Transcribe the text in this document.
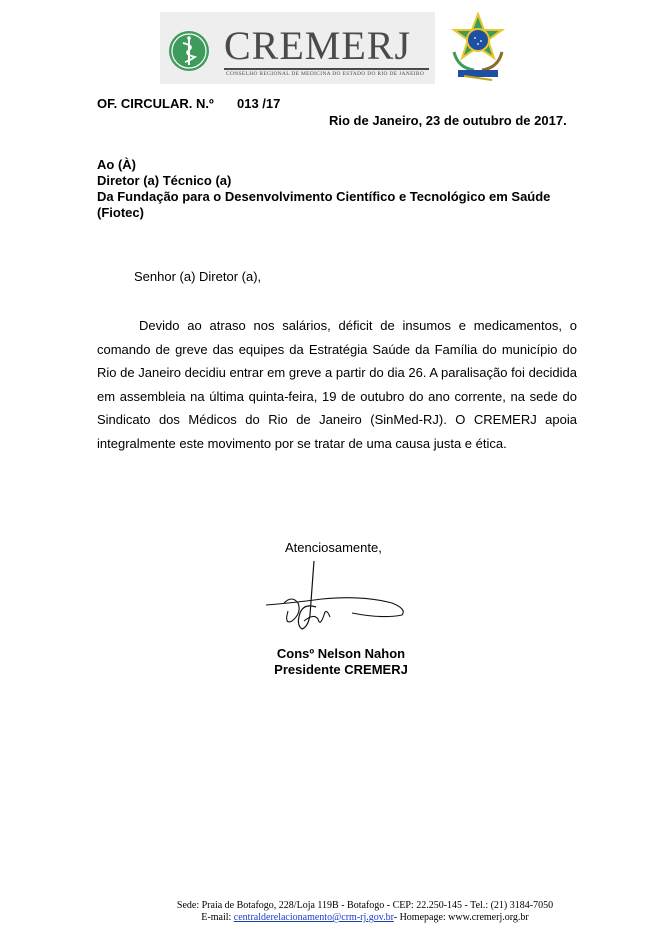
CREMERJ
CONSELHO REGIONAL DE MEDICINA DO ESTADO DO RIO DE JANEIRO
OF. CIRCULAR. N.º 013 /17
Rio de Janeiro, 23 de outubro de 2017.
Ao (À)
Diretor (a) Técnico (a)
Da Fundação para o Desenvolvimento Científico e Tecnológico em Saúde
(Fiotec)
Senhor (a) Diretor (a),
Devido ao atraso nos salários, déficit de insumos e medicamentos, o comando de greve das equipes da Estratégia Saúde da Família do município do Rio de Janeiro decidiu entrar em greve a partir do dia 26. A paralisação foi decidida em assembleia na última quinta-feira, 19 de outubro do ano corrente, na sede do Sindicato dos Médicos do Rio de Janeiro (SinMed-RJ). O CREMERJ apoia integralmente este movimento por se tratar de uma causa justa e ética.
Atenciosamente,
Consº Nelson Nahon
Presidente CREMERJ
Sede: Praia de Botafogo, 228/Loja 119B - Botafogo - CEP: 22.250-145 - Tel.: (21) 3184-7050
E-mail: centralderelacionamento@crm-rj.gov.br- Homepage: www.cremerj.org.br
